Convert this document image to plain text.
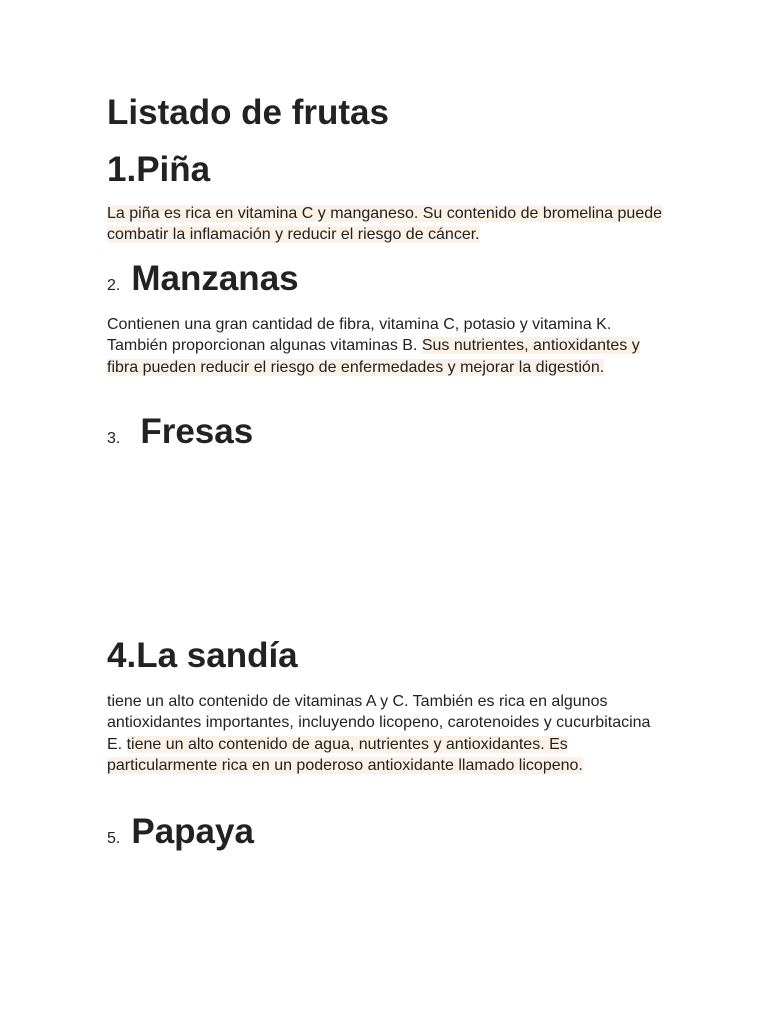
Listado de frutas
1.Piña

La piña es rica en vitamina C y manganeso. Su contenido de bromelina puede combatir la inflamación y reducir el riesgo de cáncer.

2. Manzanas

Contienen una gran cantidad de fibra, vitamina C, potasio y vitamina K. También proporcionan algunas vitaminas B. Sus nutrientes, antioxidantes y fibra pueden reducir el riesgo de enfermedades y mejorar la digestión.

3. Fresas
4.La sandía

tiene un alto contenido de vitaminas A y C. También es rica en algunos antioxidantes importantes, incluyendo licopeno, carotenoides y cucurbitacina E. tiene un alto contenido de agua, nutrientes y antioxidantes. Es particularmente rica en un poderoso antioxidante llamado licopeno.

5. Papaya
